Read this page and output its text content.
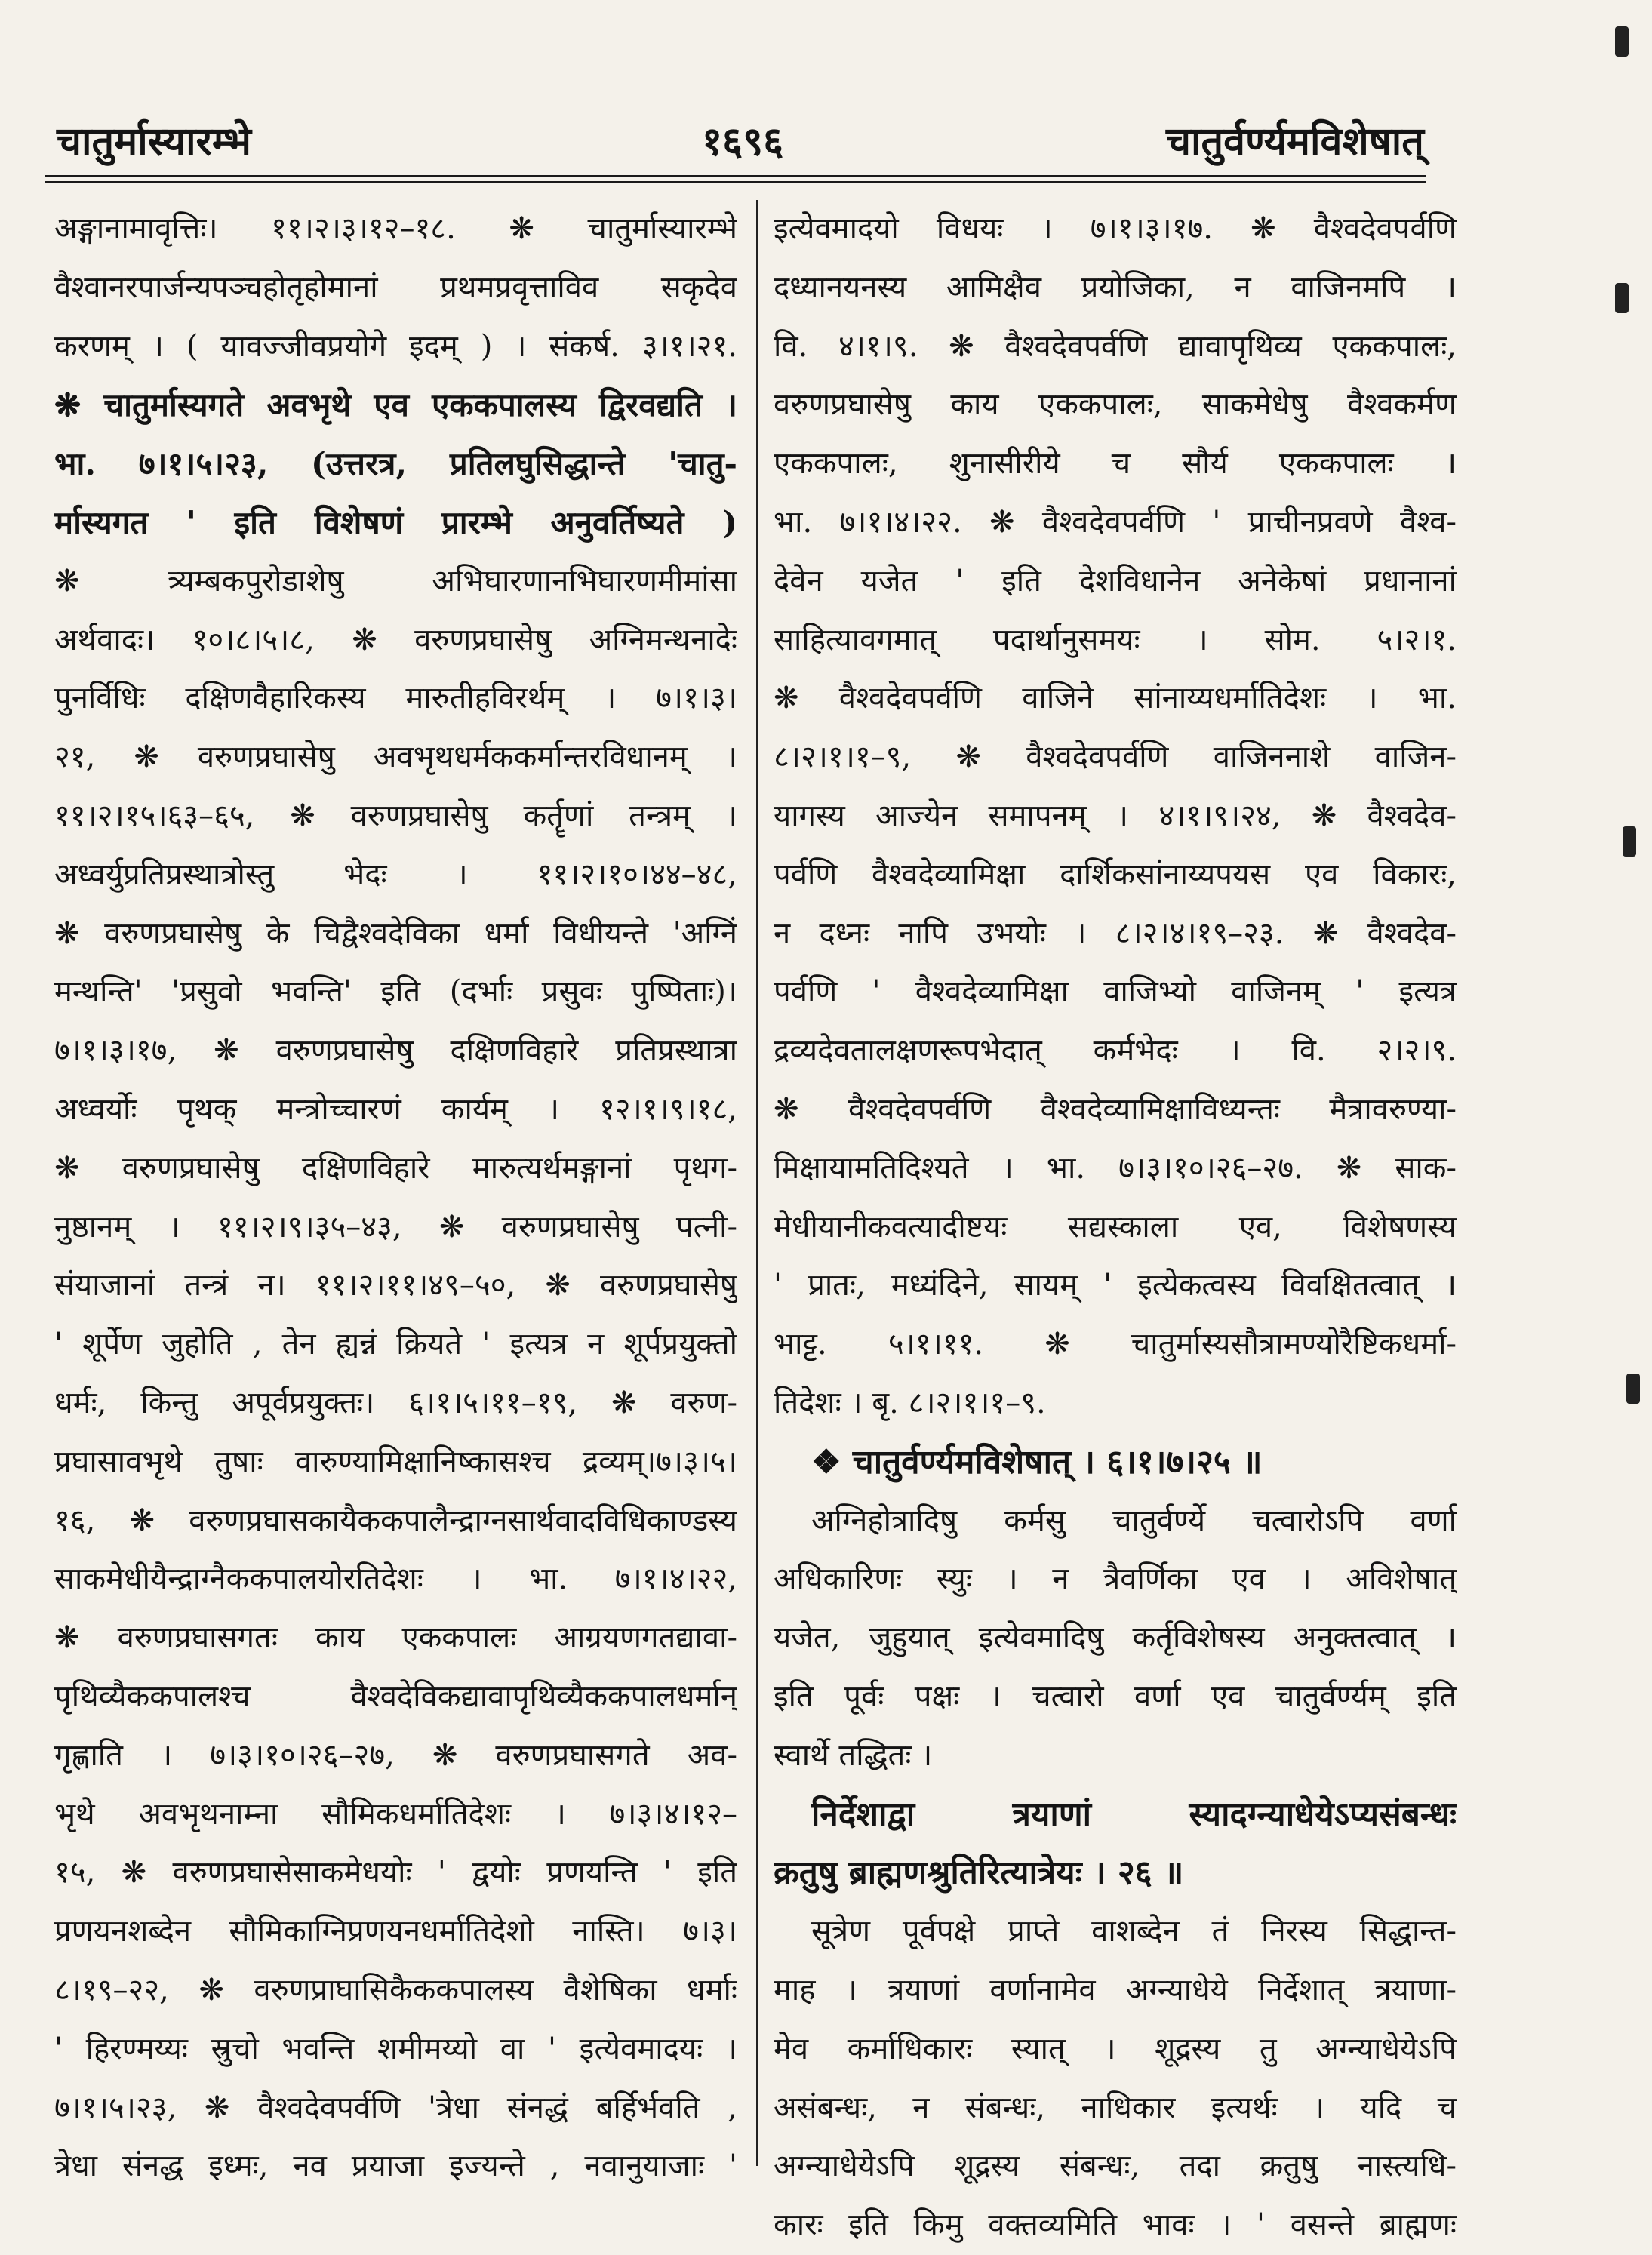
चातुर्मास्यारम्भे	१६९६	चातुर्वर्ण्यमविशेषात्

अङ्गानामावृत्तिः। ११।२।३।१२–१८. ❋ चातुर्मास्यारम्भे

वैश्वानरपार्जन्यपञ्चहोतृहोमानां प्रथमप्रवृत्ताविव सकृदेव

करणम् । ( यावज्जीवप्रयोगे इदम् ) । संकर्ष. ३।१।२१.

❋ चातुर्मास्यगते अवभृथे एव एककपालस्य द्विरवद्यति ।

भा. ७।१।५।२३, (उत्तरत्र, प्रतिलघुसिद्धान्ते 'चातु-

र्मास्यगत ' इति विशेषणं प्रारम्भे अनुवर्तिष्यते )

❋ त्र्यम्बकपुरोडाशेषु अभिघारणानभिघारणमीमांसा

अर्थवादः। १०।८।५।८, ❋ वरुणप्रघासेषु अग्निमन्थनादेः

पुनर्विधिः दक्षिणवैहारिकस्य मारुतीहविरर्थम् । ७।१।३।

२१, ❋ वरुणप्रघासेषु अवभृथधर्मककर्मान्तरविधानम् ।

११।२।१५।६३–६५, ❋ वरुणप्रघासेषु कर्तॄणां तन्त्रम् ।

अध्वर्युप्रतिप्रस्थात्रोस्तु भेदः । ११।२।१०।४४–४८,

❋ वरुणप्रघासेषु के चिद्वैश्वदेविका धर्मा विधीयन्ते 'अग्निं

मन्थन्ति' 'प्रसुवो भवन्ति' इति (दर्भाः प्रसुवः पुष्पिताः)।

७।१।३।१७, ❋ वरुणप्रघासेषु दक्षिणविहारे प्रतिप्रस्थात्रा

अध्वर्योः पृथक् मन्त्रोच्चारणं कार्यम् । १२।१।९।१८,

❋ वरुणप्रघासेषु दक्षिणविहारे मारुत्यर्थमङ्गानां पृथग-

नुष्ठानम् । ११।२।९।३५–४३, ❋ वरुणप्रघासेषु पत्नी-

संयाजानां तन्त्रं न। ११।२।११।४९–५०, ❋ वरुणप्रघासेषु

' शूर्पेण जुहोति , तेन ह्यन्नं क्रियते ' इत्यत्र न शूर्पप्रयुक्तो

धर्मः, किन्तु अपूर्वप्रयुक्तः। ६।१।५।११–१९, ❋ वरुण-

प्रघासावभृथे तुषाः वारुण्यामिक्षानिष्कासश्च द्रव्यम्।७।३।५।

१६, ❋ वरुणप्रघासकायैककपालैन्द्राग्नसार्थवादविधिकाण्डस्य

साकमेधीयैन्द्राग्नैककपालयोरतिदेशः । भा. ७।१।४।२२,

❋ वरुणप्रघासगतः काय एककपालः आग्रयणगतद्यावा-

पृथिव्यैककपालश्च वैश्वदेविकद्यावापृथिव्यैककपालधर्मान्

गृह्णाति । ७।३।१०।२६–२७, ❋ वरुणप्रघासगते अव-

भृथे अवभृथनाम्ना सौमिकधर्मातिदेशः । ७।३।४।१२–

१५, ❋ वरुणप्रघासेसाकमेधयोः ' द्वयोः प्रणयन्ति ' इति

प्रणयनशब्देन सौमिकाग्निप्रणयनधर्मातिदेशो नास्ति। ७।३।

८।१९–२२, ❋ वरुणप्राघासिकैककपालस्य वैशेषिका धर्माः

' हिरण्मय्यः स्रुचो भवन्ति शमीमय्यो वा ' इत्येवमादयः ।

७।१।५।२३, ❋ वैश्वदेवपर्वणि 'त्रेधा संनद्धं बर्हिर्भवति ,

त्रेधा संनद्ध इध्मः, नव प्रयाजा इज्यन्ते , नवानुयाजाः '

इत्येवमादयो विधयः । ७।१।३।१७. ❋ वैश्वदेवपर्वणि

दध्यानयनस्य आमिक्षैव प्रयोजिका, न वाजिनमपि ।

वि. ४।१।९. ❋ वैश्वदेवपर्वणि द्यावापृथिव्य एककपालः,

वरुणप्रघासेषु काय एककपालः, साकमेधेषु वैश्वकर्मण

एककपालः, शुनासीरीये च सौर्य एककपालः ।

भा. ७।१।४।२२. ❋ वैश्वदेवपर्वणि ' प्राचीनप्रवणे वैश्व-

देवेन यजेत ' इति देशविधानेन अनेकेषां प्रधानानां

साहित्यावगमात् पदार्थानुसमयः । सोम. ५।२।१.

❋ वैश्वदेवपर्वणि वाजिने सांनाय्यधर्मातिदेशः । भा.

८।२।१।१–९, ❋ वैश्वदेवपर्वणि वाजिननाशे वाजिन-

यागस्य आज्येन समापनम् । ४।१।९।२४, ❋ वैश्वदेव-

पर्वणि वैश्वदेव्यामिक्षा दार्शिकसांनाय्यपयस एव विकारः,

न दध्नः नापि उभयोः । ८।२।४।१९–२३. ❋ वैश्वदेव-

पर्वणि ' वैश्वदेव्यामिक्षा वाजिभ्यो वाजिनम् ' इत्यत्र

द्रव्यदेवतालक्षणरूपभेदात् कर्मभेदः । वि. २।२।९.

❋ वैश्वदेवपर्वणि वैश्वदेव्यामिक्षाविध्यन्तः मैत्रावरुण्या-

मिक्षायामतिदिश्यते । भा. ७।३।१०।२६–२७. ❋ साक-

मेधीयानीकवत्यादीष्टयः सद्यस्काला एव, विशेषणस्य

' प्रातः, मध्यंदिने, सायम् ' इत्येकत्वस्य विवक्षितत्वात् ।

भाट्ट. ५।१।११. ❋ चातुर्मास्यसौत्रामण्योरैष्टिकधर्मा-

तिदेशः । बृ. ८।२।१।१–९.

❖ चातुर्वर्ण्यमविशेषात् । ६।१।७।२५ ॥

अग्निहोत्रादिषु कर्मसु चातुर्वर्ण्ये चत्वारोऽपि वर्णा

अधिकारिणः स्युः । न त्रैवर्णिका एव । अविशेषात्

यजेत, जुहुयात् इत्येवमादिषु कर्तृविशेषस्य अनुक्तत्वात् ।

इति पूर्वः पक्षः । चत्वारो वर्णा एव चातुर्वर्ण्यम् इति

स्वार्थे तद्धितः ।

निर्देशाद्वा त्रयाणां स्यादग्न्याधेयेऽप्यसंबन्धः

क्रतुषु ब्राह्मणश्रुतिरित्यात्रेयः । २६ ॥

सूत्रेण पूर्वपक्षे प्राप्ते वाशब्देन तं निरस्य सिद्धान्त-

माह । त्रयाणां वर्णानामेव अग्न्याधेये निर्देशात् त्रयाणा-

मेव कर्माधिकारः स्यात् । शूद्रस्य तु अग्न्याधेयेऽपि

असंबन्धः, न संबन्धः, नाधिकार इत्यर्थः । यदि च

अग्न्याधेयेऽपि शूद्रस्य संबन्धः, तदा क्रतुषु नास्त्यधि-

कारः इति किमु वक्तव्यमिति भावः । ' वसन्ते ब्राह्मणः
